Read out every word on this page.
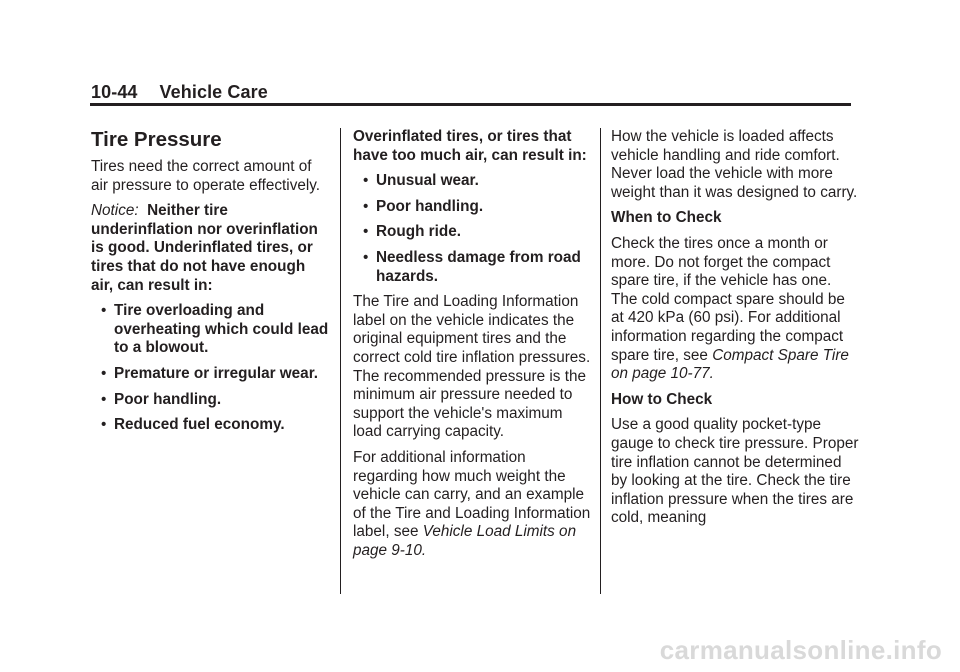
10-44 Vehicle Care
Tire Pressure

Tires need the correct amount of air pressure to operate effectively.

Notice: Neither tire underinflation nor overinflation is good. Underinflated tires, or tires that do not have enough air, can result in:

• Tire overloading and overheating which could lead to a blowout.
• Premature or irregular wear.
• Poor handling.
• Reduced fuel economy.

Overinflated tires, or tires that have too much air, can result in:

• Unusual wear.
• Poor handling.
• Rough ride.
• Needless damage from road hazards.

The Tire and Loading Information label on the vehicle indicates the original equipment tires and the correct cold tire inflation pressures. The recommended pressure is the minimum air pressure needed to support the vehicle's maximum load carrying capacity.

For additional information regarding how much weight the vehicle can carry, and an example of the Tire and Loading Information label, see Vehicle Load Limits on page 9-10.

How the vehicle is loaded affects vehicle handling and ride comfort. Never load the vehicle with more weight than it was designed to carry.

When to Check

Check the tires once a month or more. Do not forget the compact spare tire, if the vehicle has one. The cold compact spare should be at 420 kPa (60 psi). For additional information regarding the compact spare tire, see Compact Spare Tire on page 10-77.

How to Check

Use a good quality pocket-type gauge to check tire pressure. Proper tire inflation cannot be determined by looking at the tire. Check the tire inflation pressure when the tires are cold, meaning

carmanualsonline.info
